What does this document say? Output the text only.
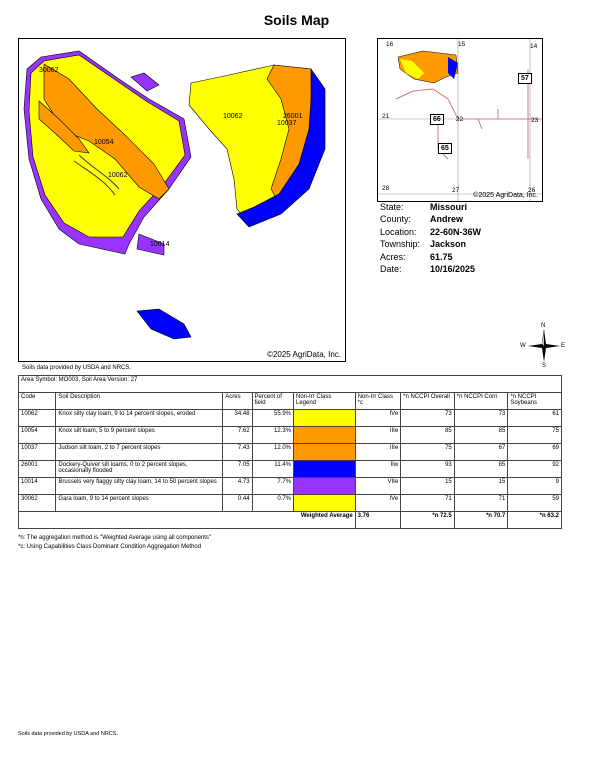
Soils Map
30062
10062	26001
10037
10054
10062
10014
©2025 AgriData, Inc.
16	15	14
21	22	23
28	27	26
57
66
65
©2025 AgriData, Inc.
State:	Missouri
County:	Andrew
Location:	22-60N-36W
Township:	Jackson
Acres:	61.75
Date:	10/16/2025
N
S
W	E
Soils data provided by USDA and NRCS.
Area Symbol: MO003, Soil Area Version: 27								
Code	Soil Description	Acres	Percent of field	Non-Irr Class Legend	Non-Irr Class *c	*n NCCPI Overall	*n NCCPI Corn	*n NCCPI Soybeans
10062	Knox silty clay loam, 9 to 14 percent slopes, eroded	34.48	55.9%		IVe	73	73	61
10054	Knox silt loam, 5 to 9 percent slopes	7.62	12.3%		IIIe	85	85	75
10037	Judson silt loam, 2 to 7 percent slopes	7.43	12.0%		IIIe	75	67	69
26001	Dockery-Quiver silt loams, 0 to 2 percent slopes, occasionally flooded	7.05	11.4%		IIw	93	85	92
10014	Brussels very flaggy silty clay loam, 14 to 50 percent slopes	4.73	7.7%		VIIe	15	15	9
30062	Gara loam, 9 to 14 percent slopes	0.44	0.7%		IVe	71	71	59
Weighted Average					3.76	*n 72.5	*n 70.7	*n 63.2
*n: The aggregation method is "Weighted Average using all components"
*c: Using Capabilities Class Dominant Condition Aggregation Method
Soils data provided by USDA and NRCS.
